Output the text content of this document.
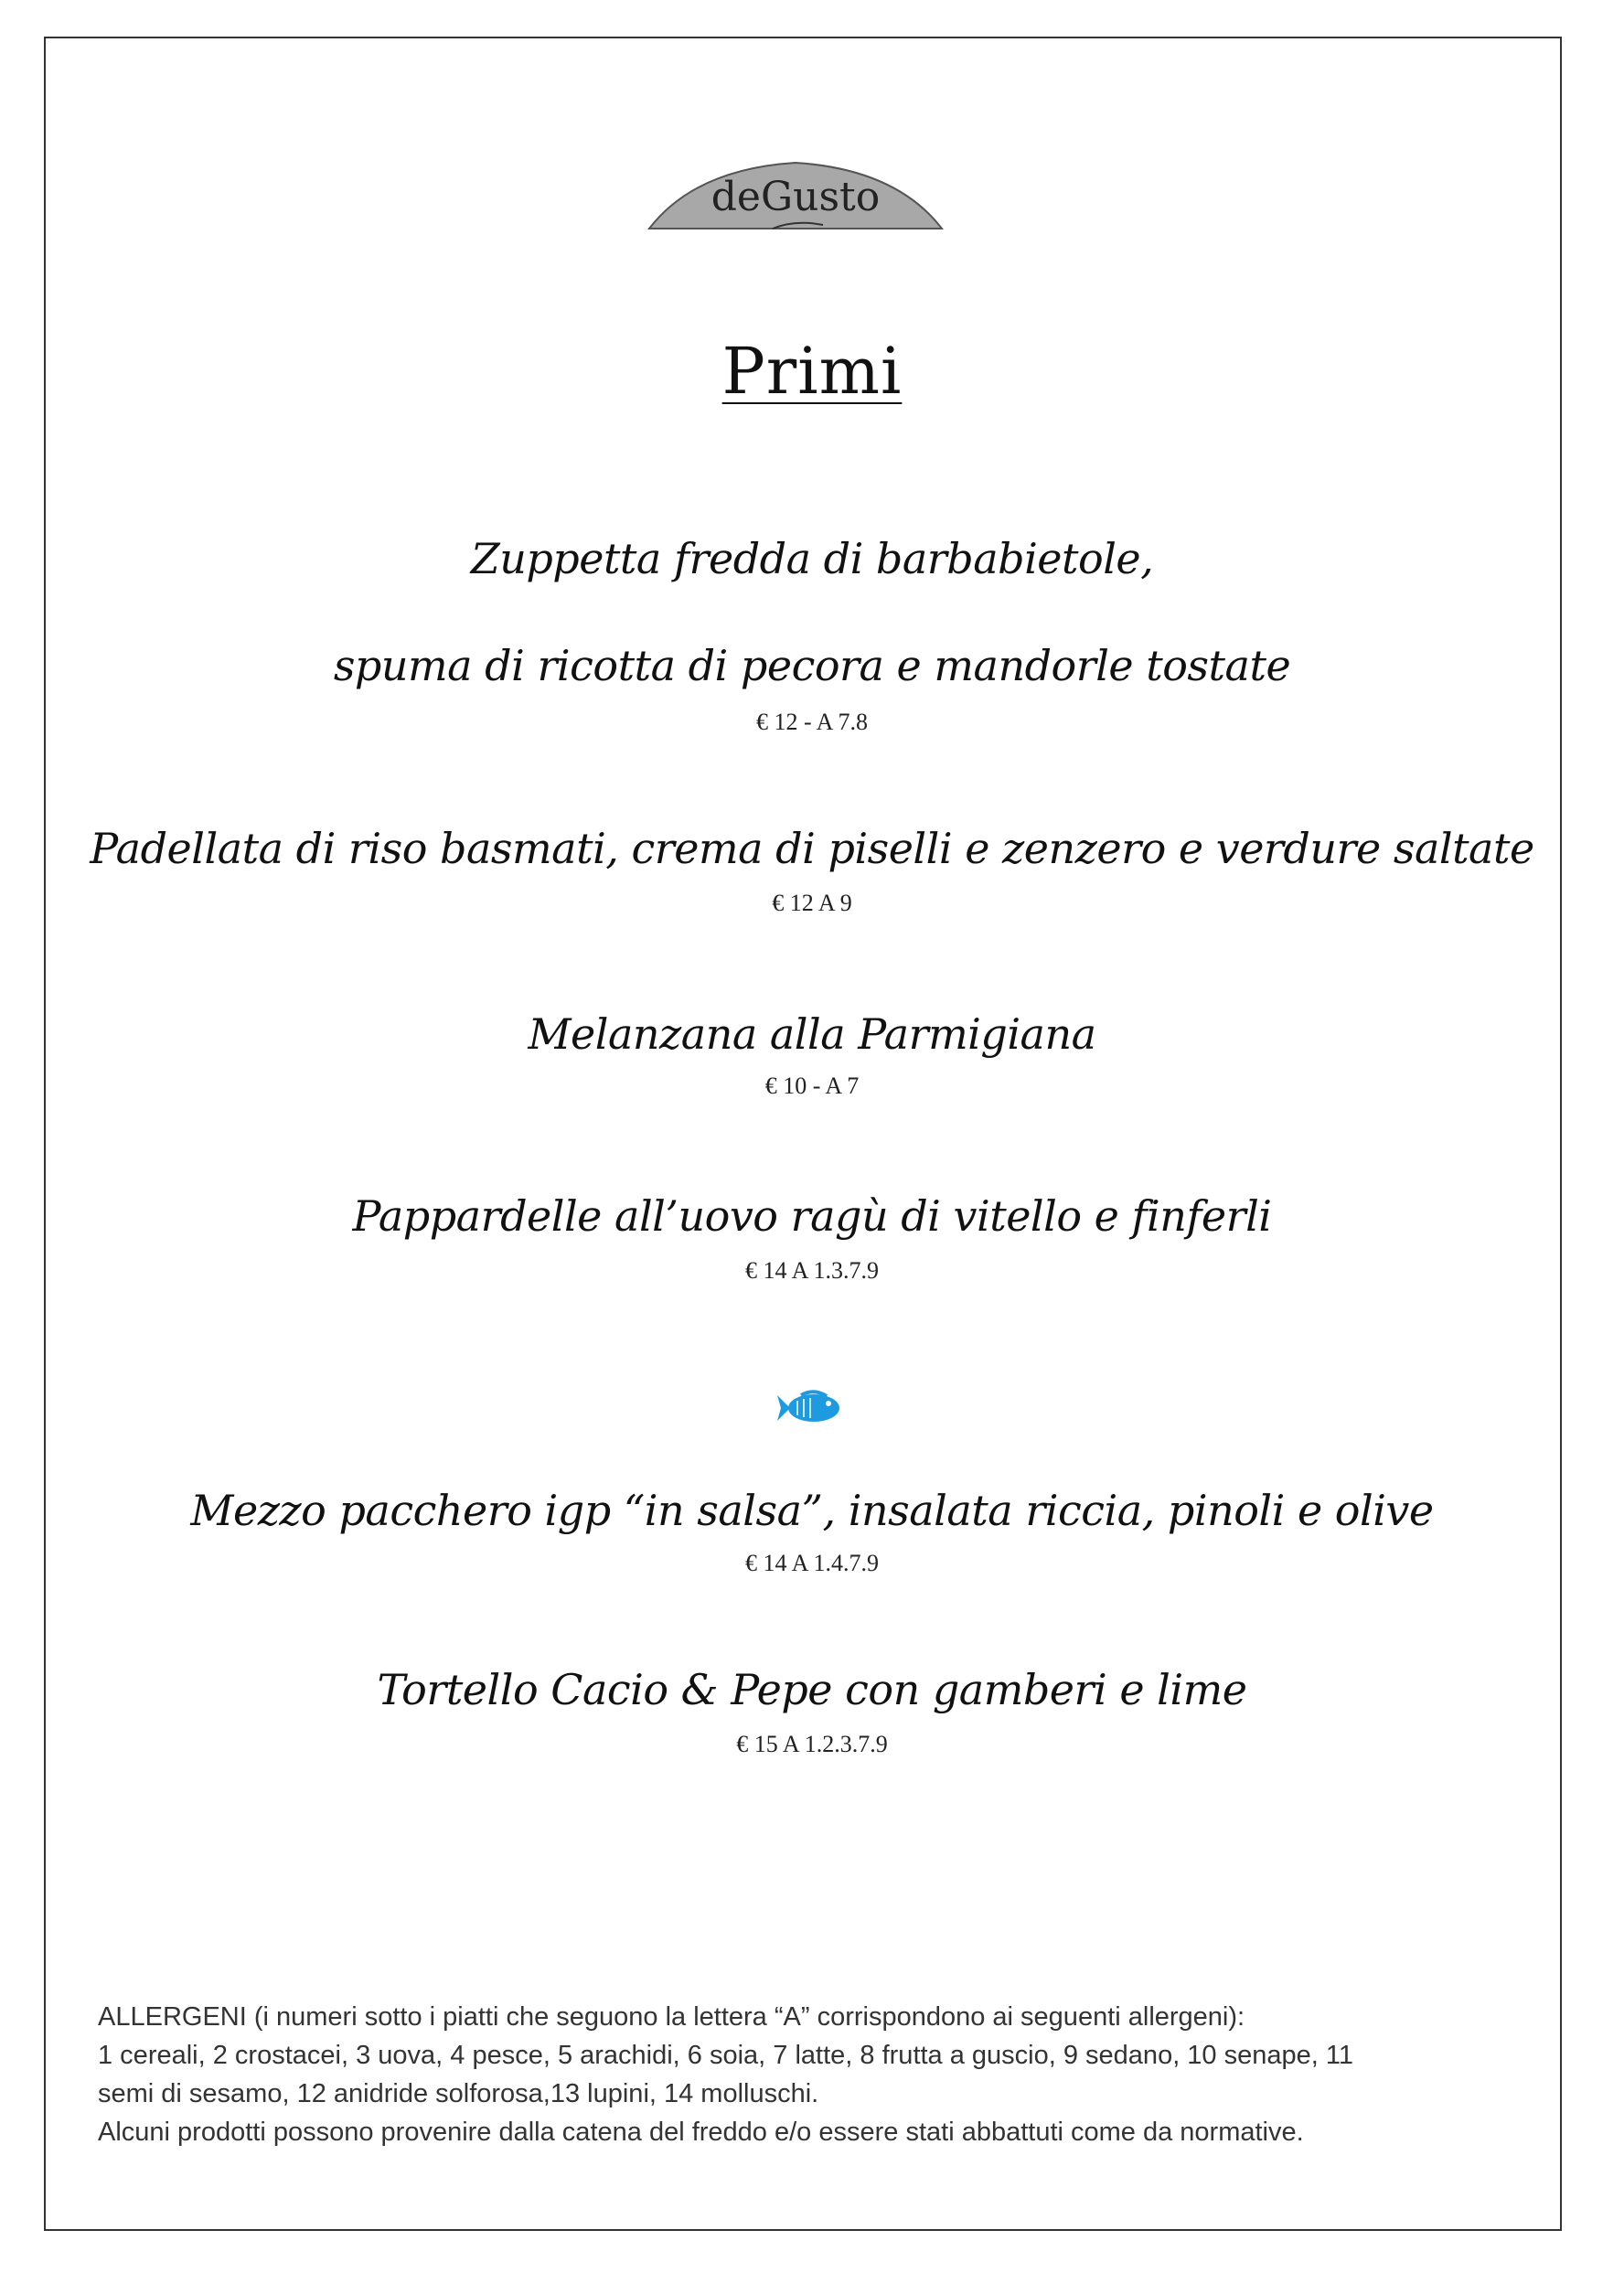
deGusto
Primi
Zuppetta fredda di barbabietole,
spuma di ricotta di pecora e mandorle tostate
€ 12 - A 7.8
Padellata di riso basmati, crema di piselli e zenzero e verdure saltate
€ 12 A 9
Melanzana alla Parmigiana
€ 10 - A 7
Pappardelle all’uovo ragù di vitello e finferli
€ 14 A 1.3.7.9
Mezzo pacchero igp “in salsa”, insalata riccia, pinoli e olive
€ 14 A 1.4.7.9
Tortello Cacio & Pepe con gamberi e lime
€ 15 A 1.2.3.7.9
ALLERGENI (i numeri sotto i piatti che seguono la lettera “A” corrispondono ai seguenti allergeni):
1 cereali, 2 crostacei, 3 uova, 4 pesce, 5 arachidi, 6 soia, 7 latte, 8 frutta a guscio, 9 sedano, 10 senape, 11
semi di sesamo, 12 anidride solforosa,13 lupini, 14 molluschi.
Alcuni prodotti possono provenire dalla catena del freddo e/o essere stati abbattuti come da normative.
